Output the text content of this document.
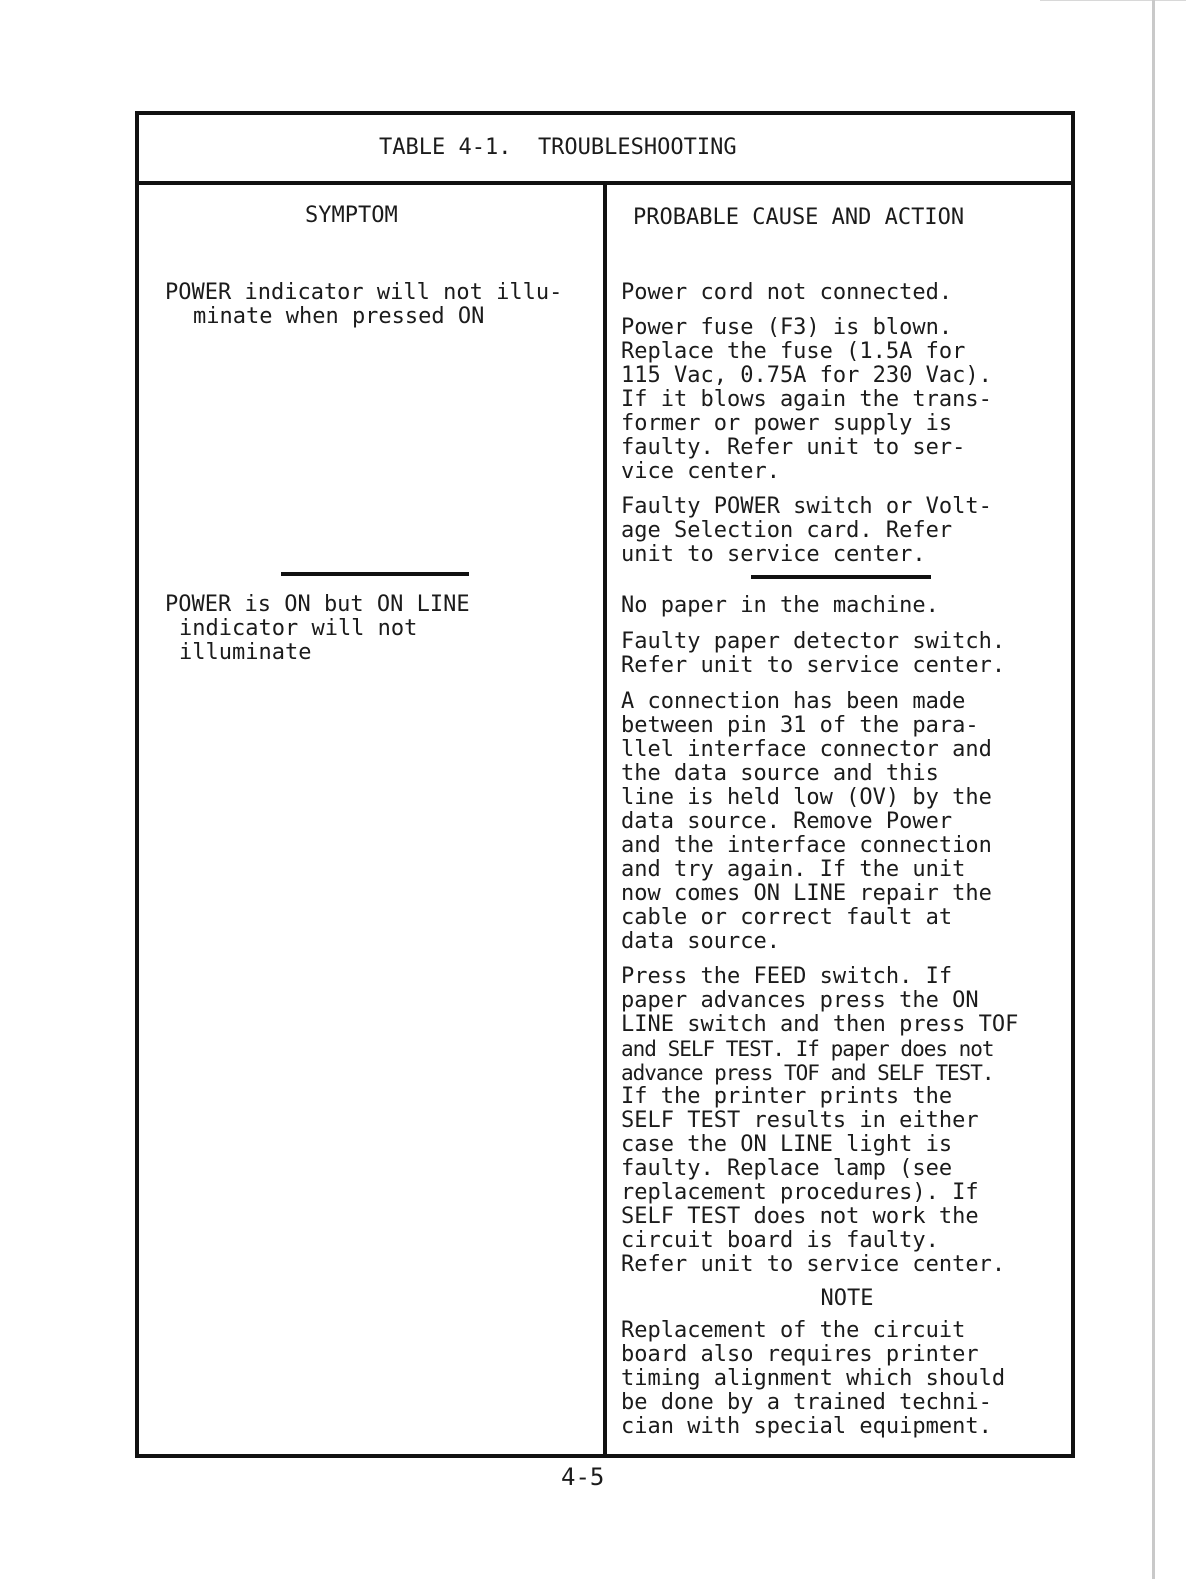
TABLE 4-1.  TROUBLESHOOTING
SYMPTOM	PROBABLE CAUSE AND ACTION
POWER indicator will not illu-
minate when pressed ON

Power cord not connected.

Power fuse (F3) is blown.
Replace the fuse (1.5A for
115 Vac, 0.75A for 230 Vac).
If it blows again the trans-
former or power supply is
faulty. Refer unit to ser-
vice center.

Faulty POWER switch or Volt-
age Selection card. Refer
unit to service center.

POWER is ON but ON LINE
indicator will not
illuminate

No paper in the machine.

Faulty paper detector switch.
Refer unit to service center.

A connection has been made
between pin 31 of the para-
llel interface connector and
the data source and this
line is held low (OV) by the
data source. Remove Power
and the interface connection
and try again. If the unit
now comes ON LINE repair the
cable or correct fault at
data source.

Press the FEED switch. If
paper advances press the ON
LINE switch and then press TOF
and SELF TEST. If paper does not
advance press TOF and SELF TEST.
If the printer prints the
SELF TEST results in either
case the ON LINE light is
faulty. Replace lamp (see
replacement procedures). If
SELF TEST does not work the
circuit board is faulty.
Refer unit to service center.

NOTE

Replacement of the circuit
board also requires printer
timing alignment which should
be done by a trained techni-
cian with special equipment.

4-5
